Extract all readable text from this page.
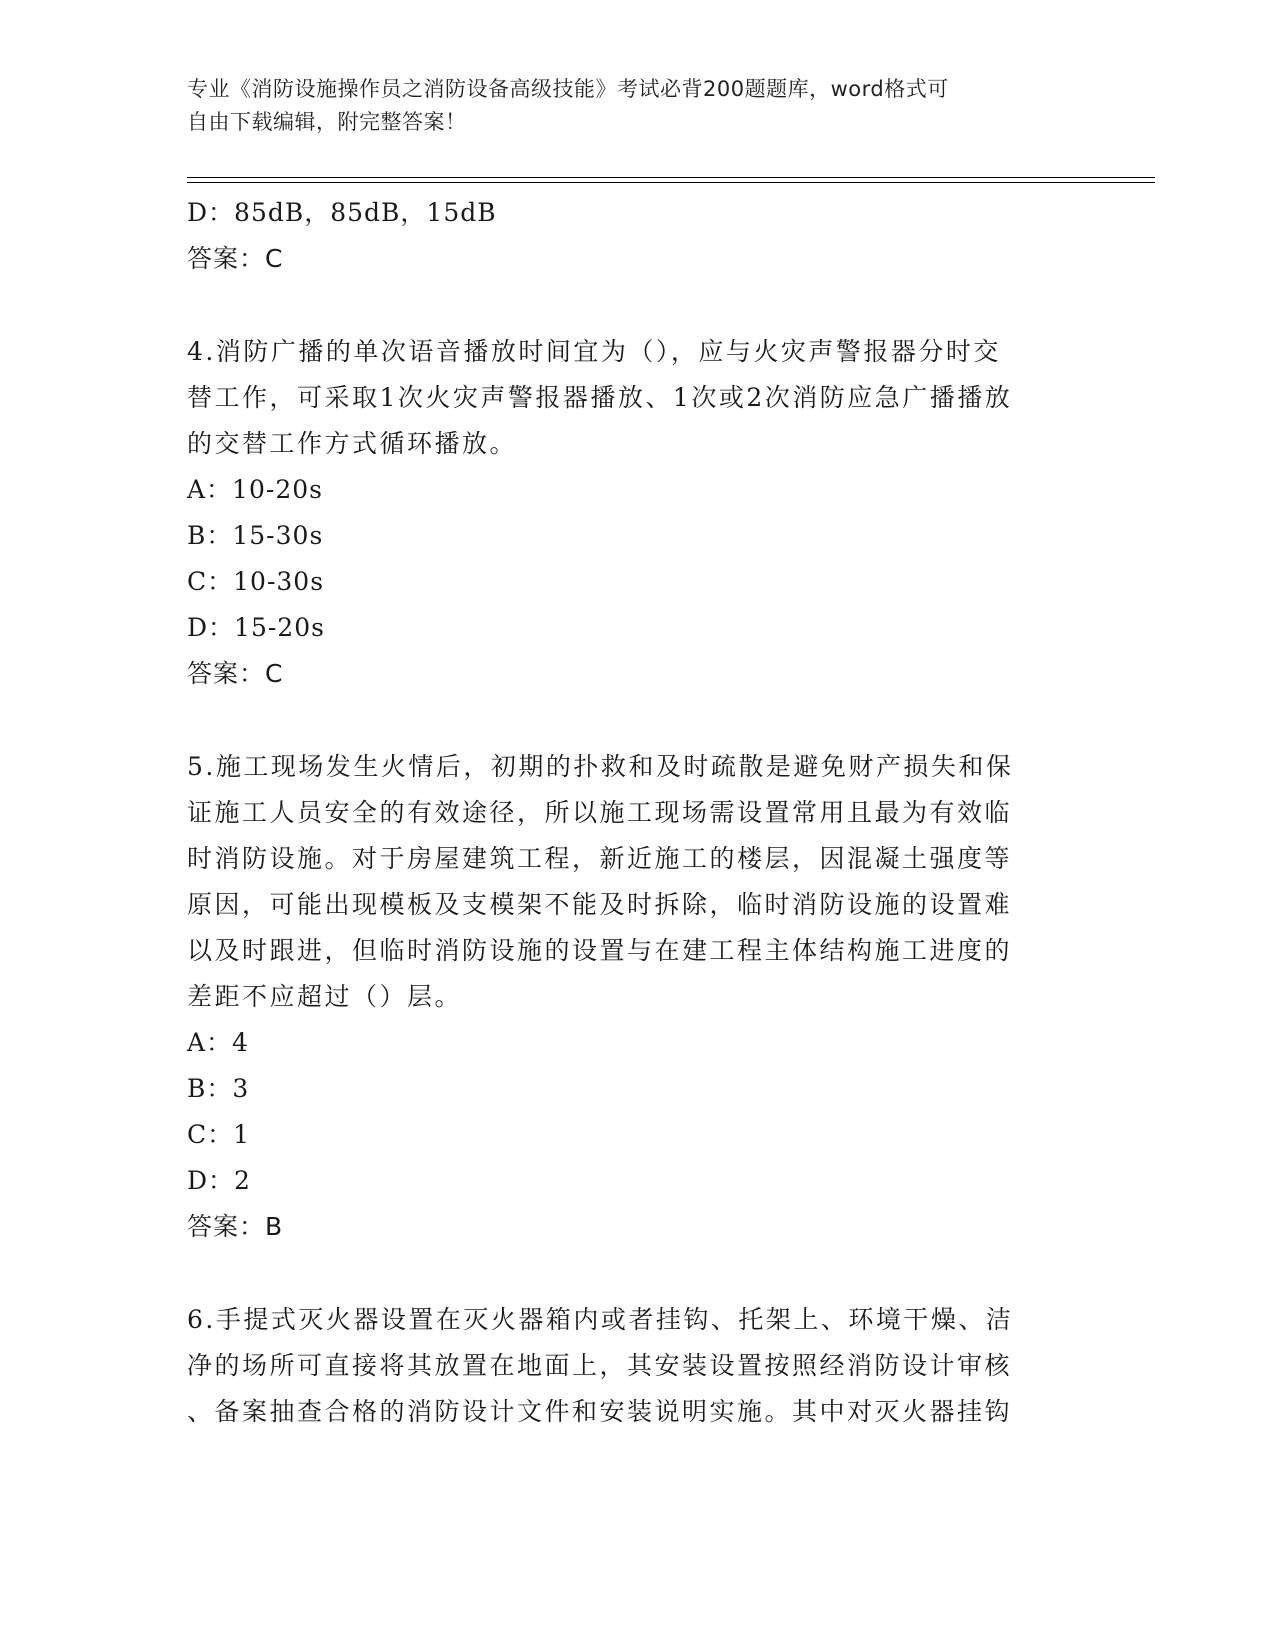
专业《消防设施操作员之消防设备高级技能》考试必背200题题库，word格式可
自由下载编辑，附完整答案！
D：85dB，85dB，15dB
答案：C
4.消防广播的单次语音播放时间宜为（），应与火灾声警报器分时交
替工作，可采取1次火灾声警报器播放、1次或2次消防应急广播播放
的交替工作方式循环播放。
A：10-20s
B：15-30s
C：10-30s
D：15-20s
答案：C
5.施工现场发生火情后，初期的扑救和及时疏散是避免财产损失和保
证施工人员安全的有效途径，所以施工现场需设置常用且最为有效临
时消防设施。对于房屋建筑工程，新近施工的楼层，因混凝土强度等
原因，可能出现模板及支模架不能及时拆除，临时消防设施的设置难
以及时跟进，但临时消防设施的设置与在建工程主体结构施工进度的
差距不应超过（）层。
A：4
B：3
C：1
D：2
答案：B
6.手提式灭火器设置在灭火器箱内或者挂钩、托架上、环境干燥、洁
净的场所可直接将其放置在地面上，其安装设置按照经消防设计审核
、备案抽查合格的消防设计文件和安装说明实施。其中对灭火器挂钩
